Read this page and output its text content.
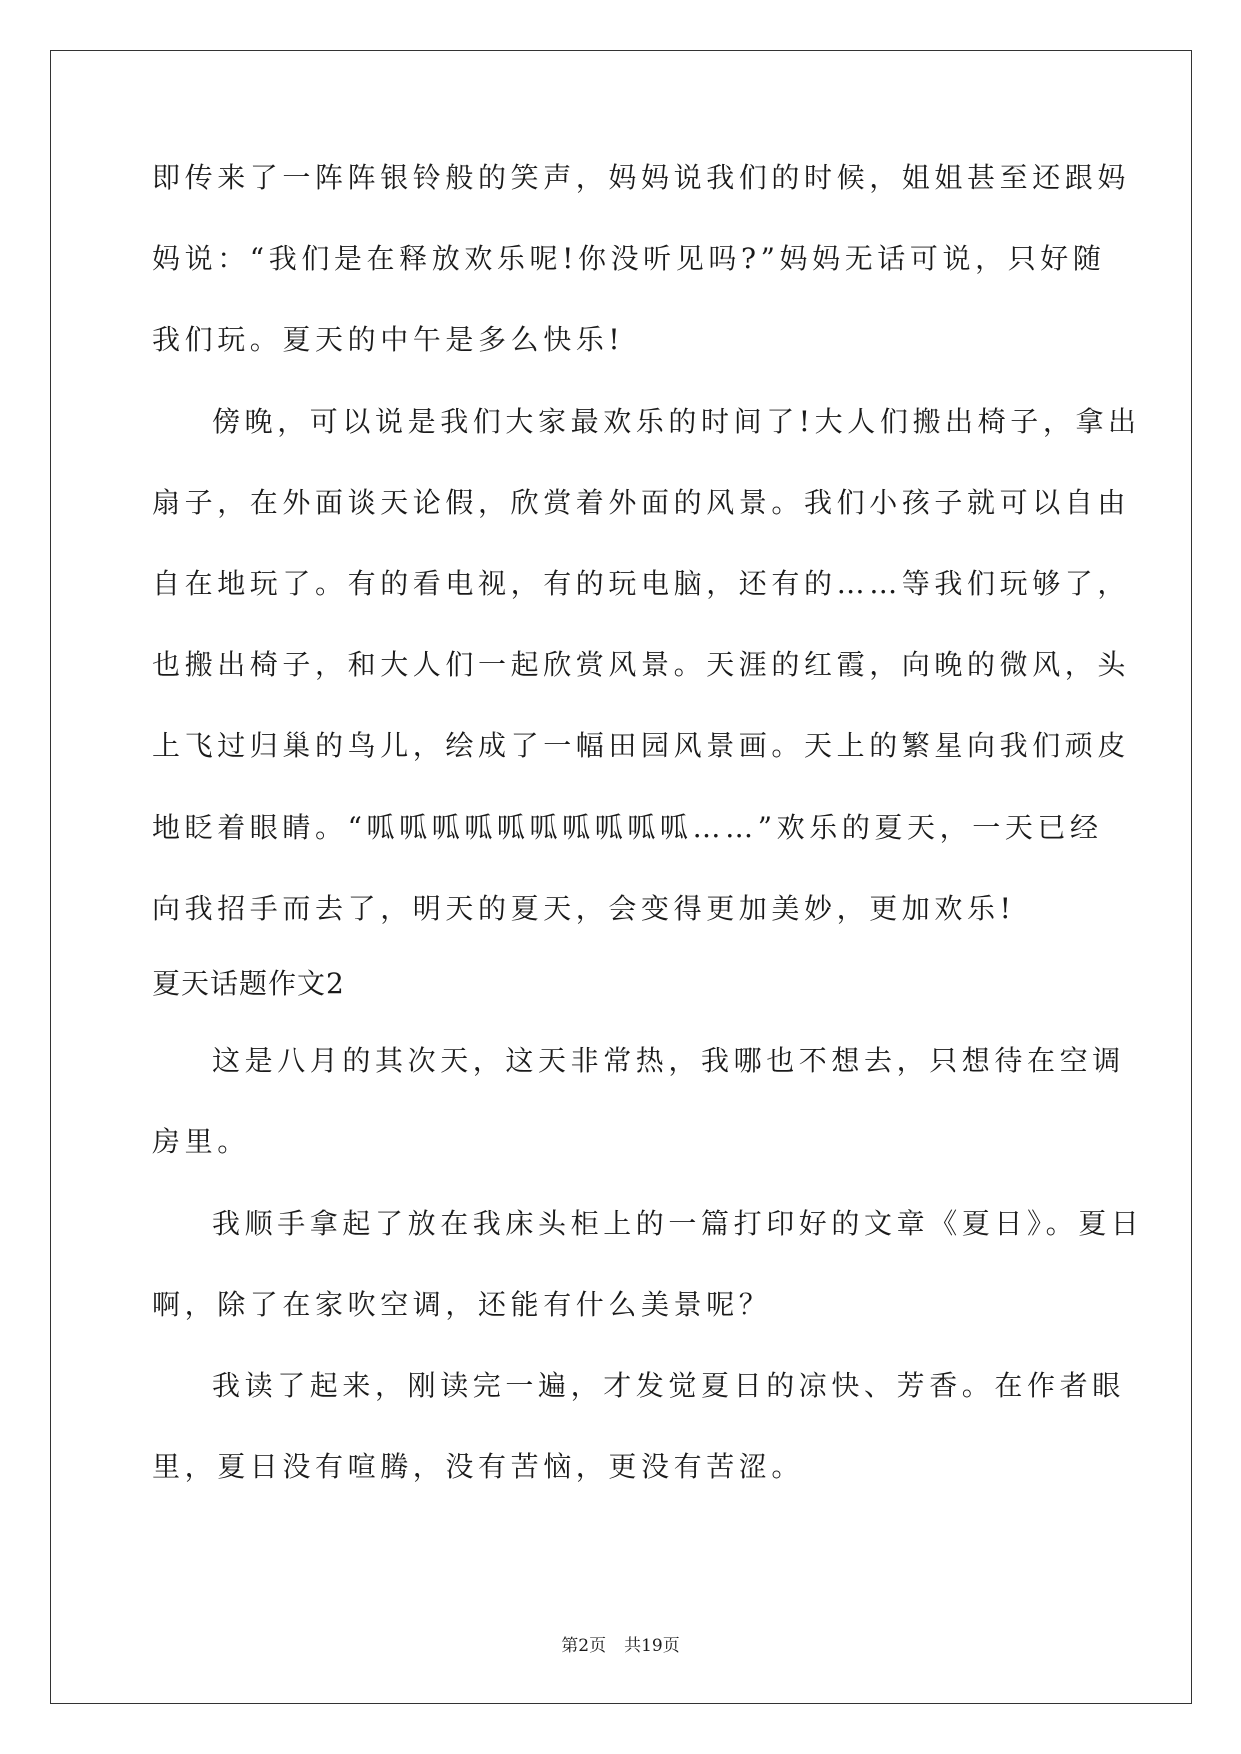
即传来了一阵阵银铃般的笑声，妈妈说我们的时候，姐姐甚至还跟妈
妈说：“我们是在释放欢乐呢!你没听见吗?”妈妈无话可说，只好随
我们玩。夏天的中午是多么快乐!
傍晚，可以说是我们大家最欢乐的时间了!大人们搬出椅子，拿出
扇子，在外面谈天论假，欣赏着外面的风景。我们小孩子就可以自由
自在地玩了。有的看电视，有的玩电脑，还有的……等我们玩够了，
也搬出椅子，和大人们一起欣赏风景。天涯的红霞，向晚的微风，头
上飞过归巢的鸟儿，绘成了一幅田园风景画。天上的繁星向我们顽皮
地眨着眼睛。“呱呱呱呱呱呱呱呱呱呱……”欢乐的夏天，一天已经
向我招手而去了，明天的夏天，会变得更加美妙，更加欢乐!
夏天话题作文2
这是八月的其次天，这天非常热，我哪也不想去，只想待在空调
房里。
我顺手拿起了放在我床头柜上的一篇打印好的文章《夏日》。夏日
啊，除了在家吹空调，还能有什么美景呢？
我读了起来，刚读完一遍，才发觉夏日的凉快、芳香。在作者眼
里，夏日没有喧腾，没有苦恼，更没有苦涩。
第2页 共19页
